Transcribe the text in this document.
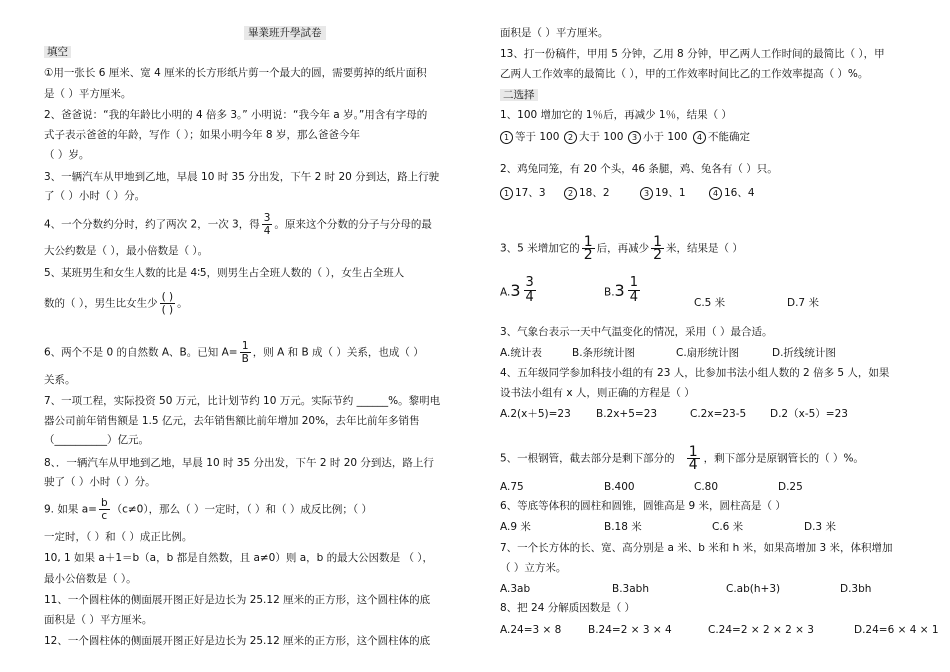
畢業班升學試卷
填空
①用一张长 6 厘米、宽 4 厘米的长方形纸片剪一个最大的圆，需要剪掉的纸片面积
是（ ）平方厘米。
2、爸爸说：“我的年龄比小明的 4 倍多 3。” 小明说：“我今年 a 岁。”用含有字母的
式子表示爸爸的年龄，写作（ ）；如果小明今年 8 岁，那么爸爸今年
（ ）岁。
3、一辆汽车从甲地到乙地，早晨 10 时 35 分出发，下午 2 时 20 分到达，路上行驶
了（ ）小时（ ）分。
4、一个分数约分时，约了两次 2，一次 3，得 $\frac{3}{4}$ 。原来这个分数的分子与分母的最
大公约数是（ ），最小倍数是（ ）。
5、某班男生和女生人数的比是 4∶5，则男生占全班人数的（ ），女生占全班人
数的（ ），男生比女生少 $\frac{( )}{( )}$ 。
6、两个不是 0 的自然数 A、B。已知 $A= \frac{1}{B}$ ，则 A 和 B 成（ ）关系，也成（ ）
关系。
7、一项工程，实际投资 50 万元，比计划节约 10 万元。实际节约 ______%。黎明电
器公司前年销售额是 1.5 亿元，去年销售额比前年增加 20%，去年比前年多销售
（__________）亿元。
8、．一辆汽车从甲地到乙地，早晨 10 时 35 分出发，下午 2 时 20 分到达，路上行
驶了（ ）小时（ ）分。
9. 如果 $a= \frac{b}{c} (c\ne 0)$，那么（ ）一定时，（ ）和（ ）成反比例；（ ）
一定时，（ ）和（ ）成正比例。
10, 1 如果 a＋1＝b（a，b 都是自然数，且 a≠0）则 a，b 的最大公因数是 （ ），
最小公倍数是（ ）。
11、一个圆柱体的侧面展开图正好是边长为 25.12 厘米的正方形，这个圆柱体的底
面积是（ ）平方厘米。
12、一个圆柱体的侧面展开图正好是边长为 25.12 厘米的正方形，这个圆柱体的底
面积是（ ）平方厘米。
13、打一份稿件，甲用 5 分钟，乙用 8 分钟，甲乙两人工作时间的最简比（ ），甲
乙两人工作效率的最简比（ ），甲的工作效率时间比乙的工作效率提高（ ）%。
二选择
1、100 增加它的 1％后，再减少 1％，结果（ ）
1 等于 100	2 大于 100	3 小于 100	4 不能确定
2、鸡兔同笼，有 20 个头，46 条腿，鸡、兔各有（ ）只。
1 17、3	2 18、2	3 19、1	4 16、4
3、5 米增加它的 $\frac{1}{2}$ 后，再减少 $\frac{1}{2}$ 米，结果是（ ）
A. $3 \frac{3}{4}$	B. $3 \frac{1}{4}$	C.5 米	D.7 米
3、气象台表示一天中气温变化的情况，采用（ ）最合适。
A.统计表	B.条形统计图	C.扇形统计图	D.折线统计图
4、五年级同学参加科技小组的有 23 人，比参加书法小组人数的 2 倍多 5 人，如果
设书法小组有 x 人，则正确的方程是（ ）
A.2(x＋5)=23 B.2x+5=23	C.2x=23-5 D.2（x-5）=23
5、一根钢管，截去部分是剩下部分的 $\frac{1}{4}$ ，剩下部分是原钢管长的（ ）%。
A.75	B.400	C.80	D.25
6、等底等体积的圆柱和圆锥，圆锥高是 9 米，圆柱高是（ ）
A.9 米	B.18 米	C.6 米	D.3 米
7、一个长方体的长、宽、高分别是 a 米、b 米和 h 米，如果高增加 3 米，体积增加
（ ）立方米。
A.3ab	B.3abh	C.ab(h+3)	D.3bh
8、把 24 分解质因数是（ ）
A.24=3 × 8	B.24=2 × 3 × 4	C.24=2 × 2 × 2 × 3	D.24=6 × 4 × 1
